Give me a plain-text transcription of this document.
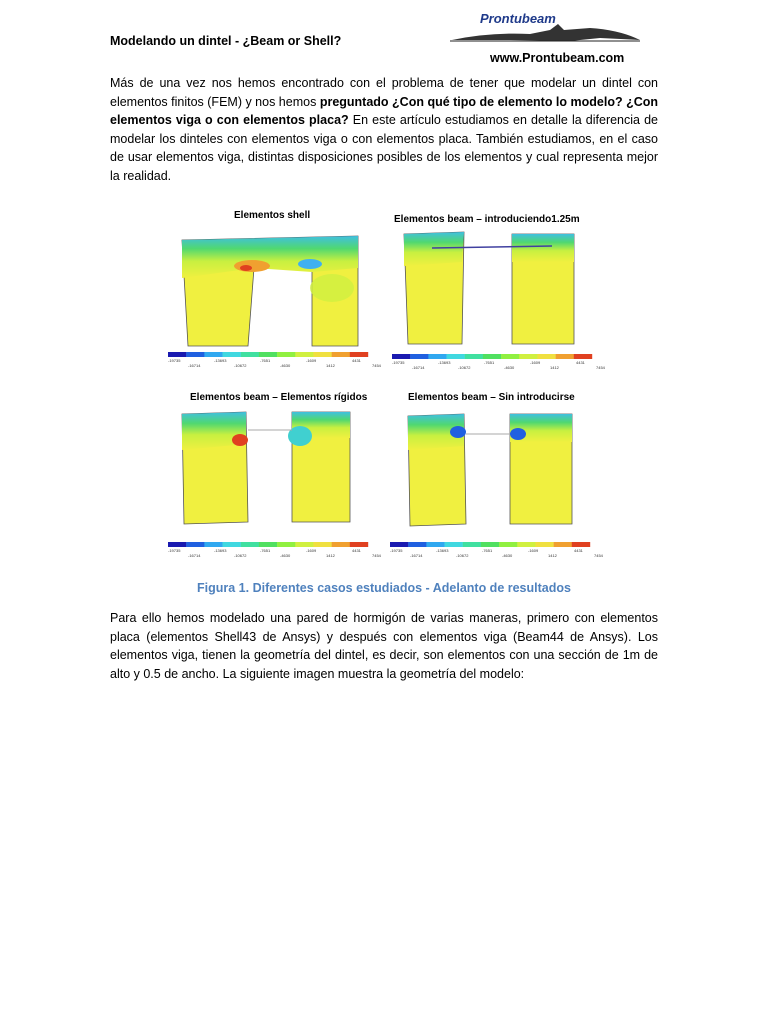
Modelando un dintel - ¿Beam or Shell?
Prontubeam
www.Prontubeam.com

Más de una vez nos hemos encontrado con el problema de tener que modelar un dintel con elementos finitos (FEM) y nos hemos preguntado ¿Con qué tipo de elemento lo modelo? ¿Con elementos viga o con elementos placa? En este artículo estudiamos en detalle la diferencia de modelar los dinteles con elementos viga o con elementos placa. También estudiamos, en el caso de usar elementos viga, distintas disposiciones posibles de los elementos y cual representa mejor la realidad.

Elementos shell	Elementos beam – introduciendo1.25m
Elementos beam – Elementos rígidos	Elementos beam – Sin introducirse
-19735	-13693	-7651	-1609	4431
-16714	-10672	-4630	1412	7454
-19735	-13693	-7651	-1609	4431
-16714	-10672	-4630	1412	7454
-19735	-13693	-7651	-1609	4431
-16714	-10672	-4630	1412	7454
-19735	-13693	-7651	-1609	4431
-16714	-10672	-4630	1412	7454
Figura 1. Diferentes casos estudiados - Adelanto de resultados

Para ello hemos modelado una pared de hormigón de varias maneras, primero con elementos placa (elementos Shell43 de Ansys) y después con elementos viga (Beam44 de Ansys). Los elementos viga, tienen la geometría del dintel, es decir, son elementos con una sección de 1m de alto y 0.5 de ancho. La siguiente imagen muestra la geometría del modelo:
